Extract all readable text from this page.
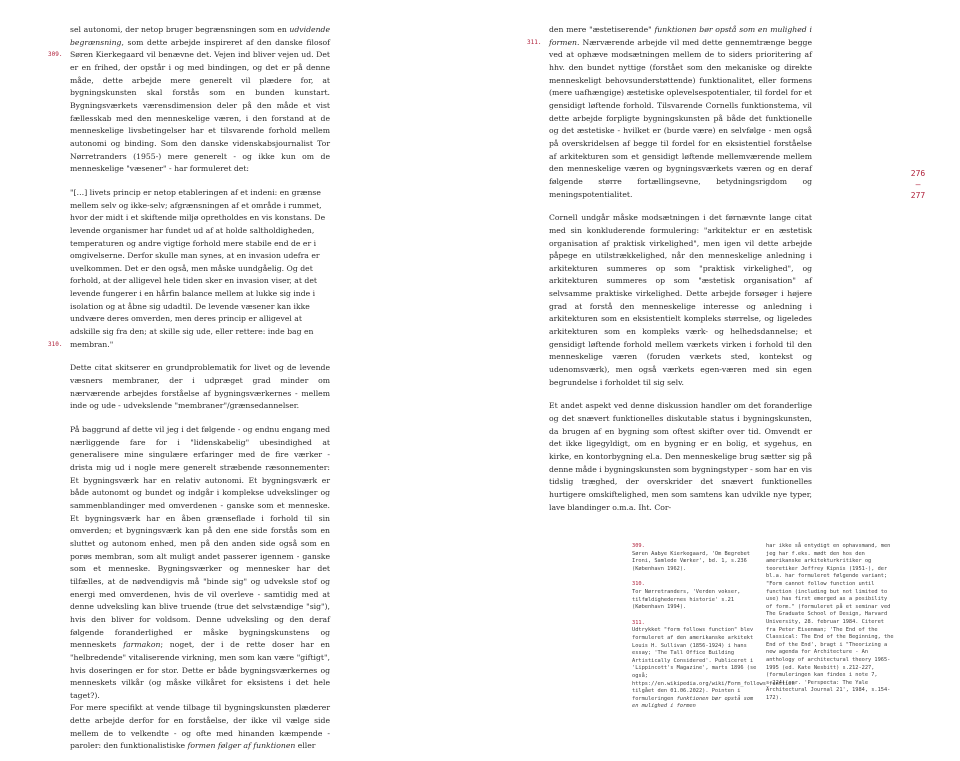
sel autonomi, der netop bruger begrænsningen som en udvidende begrænsning, som dette arbejde inspireret af den danske filosof Søren Kierkegaard vil benævne det. Vejen ind bliver vejen ud. Det er en frihed, der opstår i og med bindingen, og det er på denne måde, dette arbejde mere generelt vil plædere for, at bygningskunsten skal forstås som en bunden kunstart. Bygningsværkets værensdimension deler på den måde et vist fællesskab med den menneskelige væren, i den forstand at de menneskelige livsbetingelser har et tilsvarende forhold mellem autonomi og binding. Som den danske videnskabsjournalist Tor Nørretranders (1955-) mere generelt - og ikke kun om de menneskelige "væsener" - har formuleret det:
309.

"[…] livets princip er netop etableringen af et indeni: en grænse mellem selv og ikke-selv; afgrænsningen af et område i rummet, hvor der midt i et skiftende miljø opretholdes en vis konstans. De levende organismer har fundet ud af at holde saltholdigheden, temperaturen og andre vigtige forhold mere stabile end de er i omgivelserne. Derfor skulle man synes, at en invasion udefra er uvelkommen. Det er den også, men måske uundgåelig. Og det forhold, at der alligevel hele tiden sker en invasion viser, at det levende fungerer i en hårfin balance mellem at lukke sig inde i isolation og at åbne sig udadtil. De levende væsener kan ikke undvære deres omverden, men deres princip er alligevel at adskille sig fra den; at skille sig ude, eller rettere: inde bag en membran."
310.

Dette citat skitserer en grundproblematik for livet og de levende væsners membraner, der i udpræget grad minder om nærværende arbejdes forståelse af bygningsværkernes - mellem inde og ude - udvekslende "membraner"/grænsedannelser.

På baggrund af dette vil jeg i det følgende - og endnu engang med nærliggende fare for i "lidenskabelig" ubesindighed at generalisere mine singulære erfaringer med de fire værker - drista mig ud i nogle mere generelt stræbende ræsonnementer: Et bygningsværk har en relativ autonomi. Et bygningsværk er både autonomt og bundet og indgår i komplekse udvekslinger og sammenblandinger med omverdenen - ganske som et menneske. Et bygningsværk har en åben grænseflade i forhold til sin omverden; et bygningsværk kan på den ene side forstås som en sluttet og autonom enhed, men på den anden side også som en porøs membran, som alt muligt andet passerer igennem - ganske som et menneske. Bygningsværker og mennesker har det tilfælles, at de nødvendigvis må "binde sig" og udveksle stof og energi med omverdenen, hvis de vil overleve - samtidig med at denne udveksling kan blive truende (true det selvstændige "sig"), hvis den bliver for voldsom. Denne udveksling og den deraf følgende foranderlighed er måske bygningskunstens og menneskets farmakon; noget, der i de rette doser har en "helbredende" vitaliserende virkning, men som kan være "giftigt", hvis doseringen er for stor. Dette er både bygningsværkernes og menneskets vilkår (og måske vilkåret for eksistens i det hele taget?).

For mere specifikt at vende tilbage til bygningskunsten plæderer dette arbejde derfor for en forståelse, der ikke vil vælge side mellem de to velkendte - og ofte med hinanden kæmpende - paroler: den funktionalistiske formen følger af funktionen eller

den mere "æstetiserende" funktionen bør opstå som en mulighed i formen. Nærværende arbejde vil med dette gennemtrænge begge ved at ophæve modsætningen mellem de to siders prioritering af hhv. den bundet nyttige (forstået som den mekaniske og direkte menneskeligt behovsunderstøttende) funktionalitet, eller formens (mere uafhængige) æstetiske oplevelsespotentialer, til fordel for et gensidigt løftende forhold. Tilsvarende Cornells funktionstema, vil dette arbejde forpligte bygningskunsten på både det funktionelle og det æstetiske - hvilket er (burde være) en selvfølge - men også på overskridelsen af begge til fordel for en eksistentiel forståelse af arkitekturen som et gensidigt løftende mellemværende mellem den menneskelige væren og bygningsværkets væren og en deraf følgende større fortællingsevne, betydningsrigdom og meningspotentialitet.
311.

Cornell undgår måske modsætningen i det førnævnte lange citat med sin konkluderende formulering: "arkitektur er en æstetisk organisation af praktisk virkelighed", men igen vil dette arbejde påpege en utilstrækkelighed, når den menneskelige anledning i arkitekturen summeres op som "praktisk virkelighed", og arkitekturen summeres op som "æstetisk organisation" af selvsamme praktiske virkelighed. Dette arbejde forsøger i højere grad at forstå den menneskelige interesse og anledning i arkitekturen som en eksistentielt kompleks størrelse, og ligeledes arkitekturen som en kompleks værk- og helhedsdannelse; et gensidigt løftende forhold mellem værkets virken i forhold til den menneskelige væren (foruden værkets sted, kontekst og udenomsværk), men også værkets egen-væren med sin egen begrundelse i forholdet til sig selv.

Et andet aspekt ved denne diskussion handler om det foranderlige og det snævert funktionelles diskutable status i bygningskunsten, da brugen af en bygning som oftest skifter over tid. Omvendt er det ikke ligegyldigt, om en bygning er en bolig, et sygehus, en kirke, en kontorbygning el.a. Den menneskelige brug sætter sig på denne måde i bygningskunsten som bygningstyper - som har en vis tidslig træghed, der overskrider det snævert funktionelles hurtigere omskiftelighed, men som samtens kan udvikle nye typer, lave blandinger o.m.a. Iht. Cor-

276
—
277
309.
Søren Aabye Kierkegaard, 'Om Begrebet Ironi, Samlede Værker', bd. 1, s.236 (København 1962).
310.
Tor Nørretranders, 'Verden vokser, tilfældighedernes historie' s.21 (København 1994).
311.
Udtrykket "form follows function" blev formuleret af den amerikanske arkitekt Louis H. Sullivan (1856-1924) i hans essay; 'The Tall Office Building Artistically Considered'. Publiceret i 'Lippincott's Magazine', marts 1896 (se også; https://en.wikipedia.org/wiki/Form_follows_function tilgået den 01.06.2022). Pointen i formuleringen funktionen bør opstå som en mulighed i formen

har ikke så entydigt en ophavsmand, men jeg har f.eks. mødt den hos den amerikanske arkitekturkritiker og teoretiker Jeffrey Kipnis (1951-), der bl.a. har formuleret følgende variant; "Form cannot follow function until function (including but not limited to use) has first emerged as a posibility of form." (formuleret på et seminar ved The Graduate School of Design, Harvard University, 28. februar 1984. Citeret fra Peter Eisenman; 'The End of the Classical: The End of the Beginning, the End of the End', bragt i "Theorizing a new agenda for Architecture - An anthology of architectural theory 1965-1995 (ed. Kate Nesbitt) s.212-227, (formuleringen kan findes i note 7, s.224)(opr. 'Perspecta: The Yale Architectural Journal 21', 1984, s.154-172).
